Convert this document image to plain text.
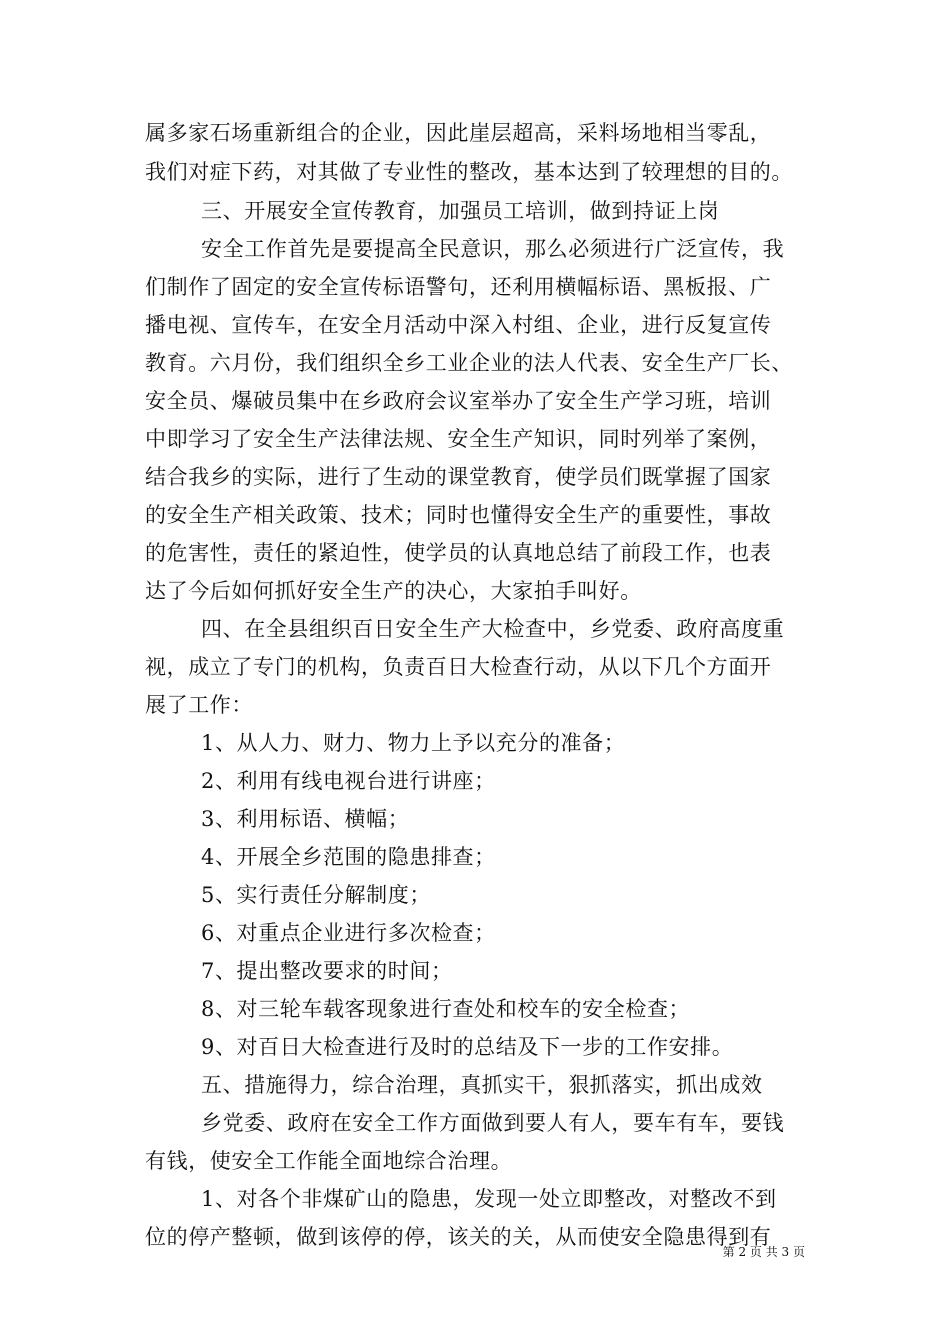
属多家石场重新组合的企业，因此崖层超高，采料场地相当零乱，
我们对症下药，对其做了专业性的整改，基本达到了较理想的目的。
三、开展安全宣传教育，加强员工培训，做到持证上岗
安全工作首先是要提高全民意识，那么必须进行广泛宣传，我
们制作了固定的安全宣传标语警句，还利用横幅标语、黑板报、广
播电视、宣传车，在安全月活动中深入村组、企业，进行反复宣传
教育。六月份，我们组织全乡工业企业的法人代表、安全生产厂长、
安全员、爆破员集中在乡政府会议室举办了安全生产学习班，培训
中即学习了安全生产法律法规、安全生产知识，同时列举了案例，
结合我乡的实际，进行了生动的课堂教育，使学员们既掌握了国家
的安全生产相关政策、技术；同时也懂得安全生产的重要性，事故
的危害性，责任的紧迫性，使学员的认真地总结了前段工作，也表
达了今后如何抓好安全生产的决心，大家拍手叫好。
四、在全县组织百日安全生产大检查中，乡党委、政府高度重
视，成立了专门的机构，负责百日大检查行动，从以下几个方面开
展了工作：
1、从人力、财力、物力上予以充分的准备；
2、利用有线电视台进行讲座；
3、利用标语、横幅；
4、开展全乡范围的隐患排查；
5、实行责任分解制度；
6、对重点企业进行多次检查；
7、提出整改要求的时间；
8、对三轮车载客现象进行查处和校车的安全检查；
9、对百日大检查进行及时的总结及下一步的工作安排。
五、措施得力，综合治理，真抓实干，狠抓落实，抓出成效
乡党委、政府在安全工作方面做到要人有人，要车有车，要钱
有钱，使安全工作能全面地综合治理。
1、对各个非煤矿山的隐患，发现一处立即整改，对整改不到
位的停产整顿，做到该停的停，该关的关，从而使安全隐患得到有
第 2 页 共 3 页
